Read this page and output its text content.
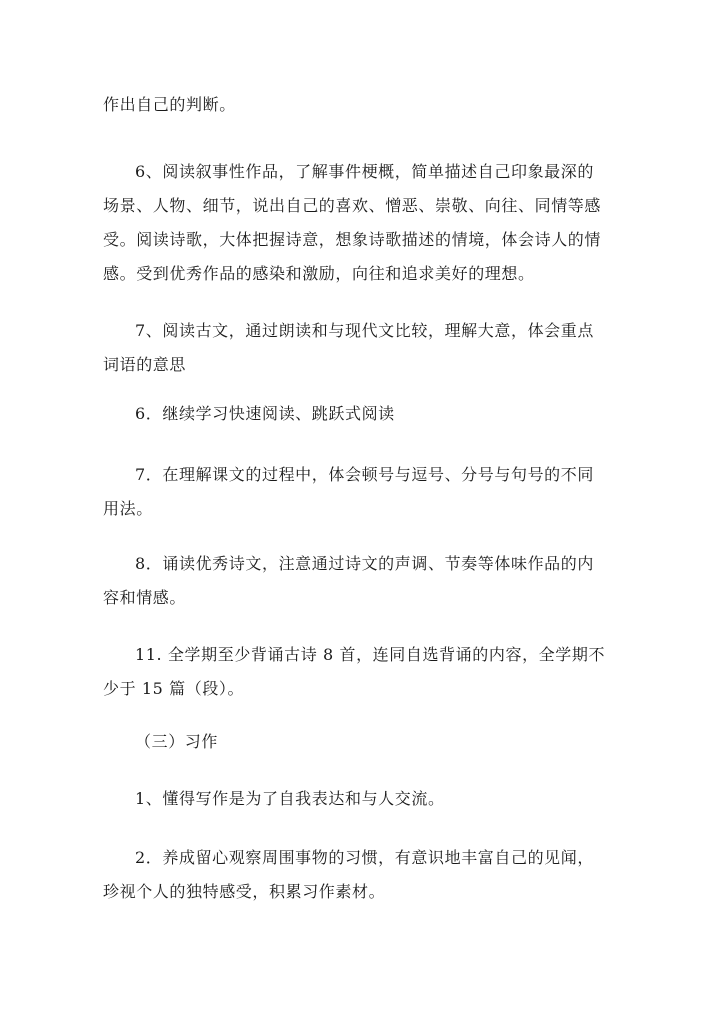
作出自己的判断。

6、阅读叙事性作品，了解事件梗概，简单描述自己印象最深的
场景、人物、细节，说出自己的喜欢、憎恶、崇敬、向往、同情等感
受。阅读诗歌，大体把握诗意，想象诗歌描述的情境，体会诗人的情
感。受到优秀作品的感染和激励，向往和追求美好的理想。

7、阅读古文，通过朗读和与现代文比较，理解大意，体会重点
词语的意思

6．继续学习快速阅读、跳跃式阅读

7．在理解课文的过程中，体会顿号与逗号、分号与句号的不同
用法。

8．诵读优秀诗文，注意通过诗文的声调、节奏等体味作品的内
容和情感。

11. 全学期至少背诵古诗 8 首，连同自选背诵的内容，全学期不
少于 15 篇（段）。

（三）习作

1、懂得写作是为了自我表达和与人交流。

2．养成留心观察周围事物的习惯，有意识地丰富自己的见闻，
珍视个人的独特感受，积累习作素材。
